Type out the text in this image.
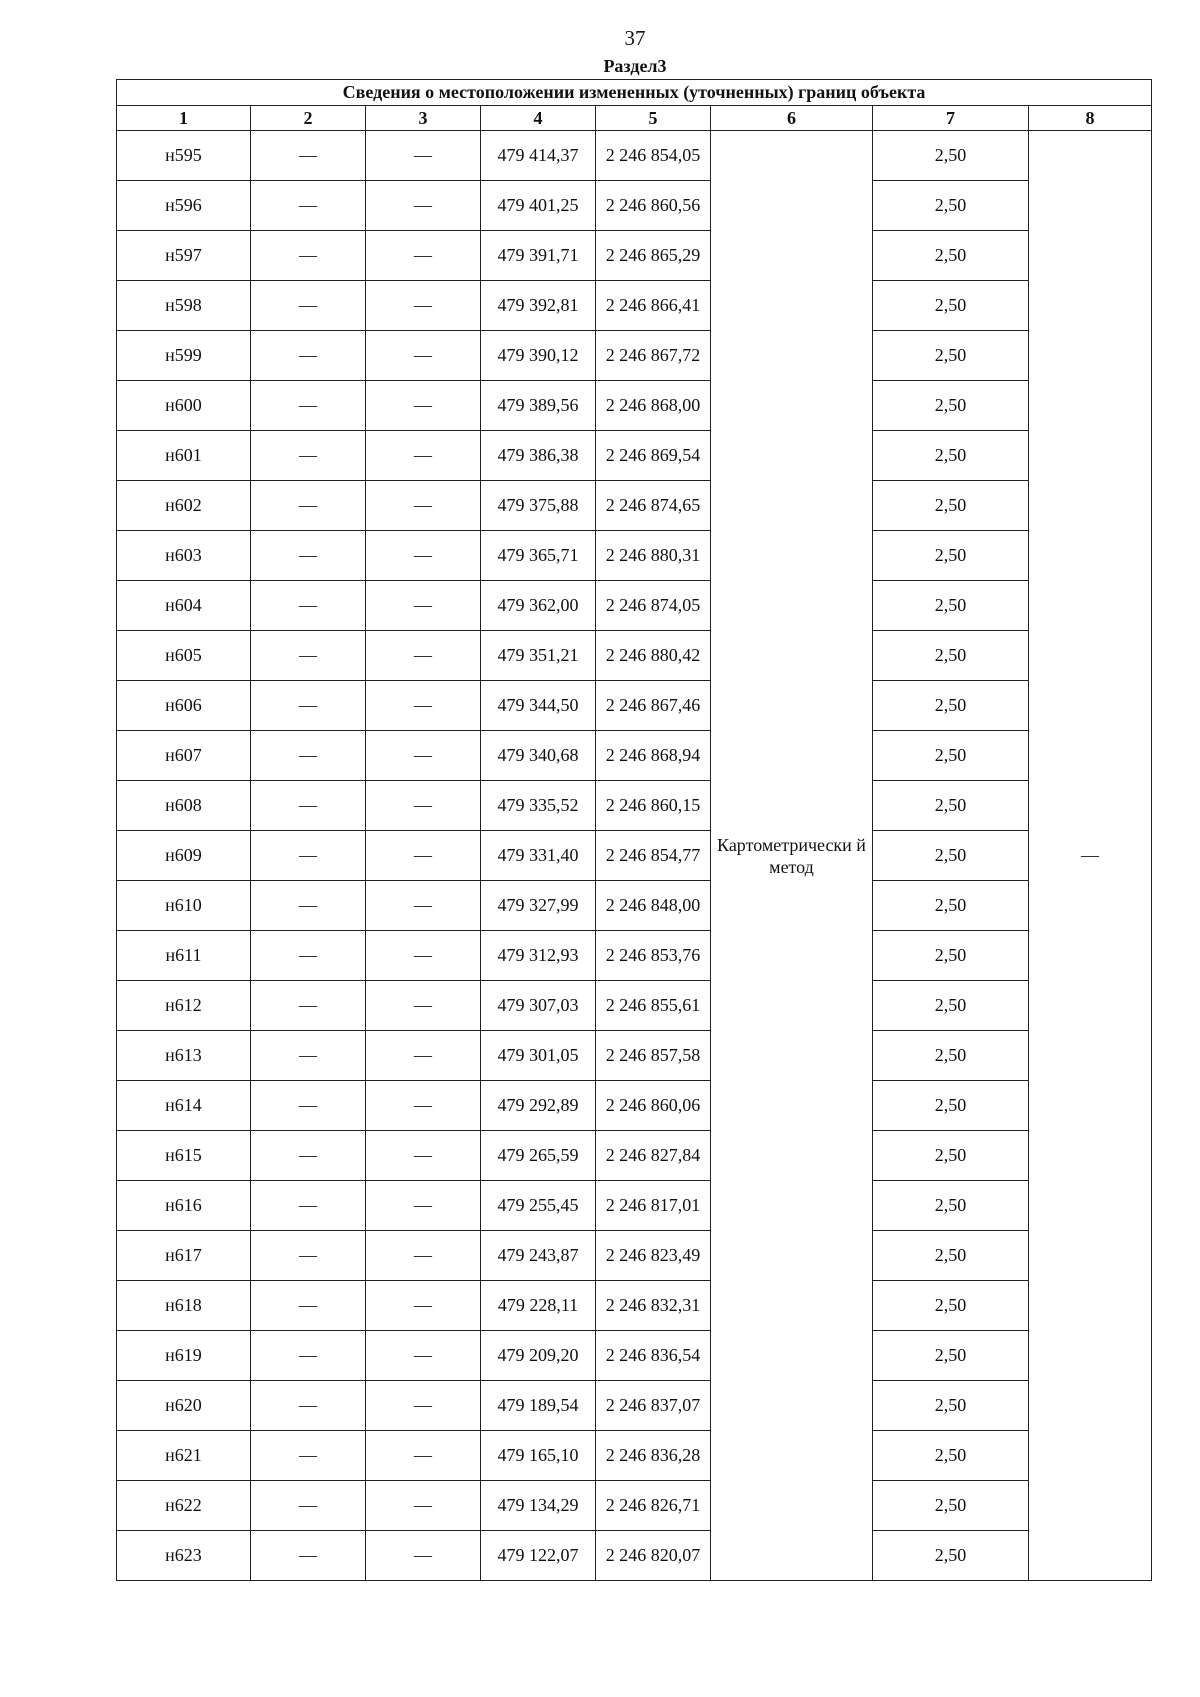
37
Раздел3
Сведения о местоположении измененных (уточненных) границ объекта							
1	2	3	4	5	6	7	8
н595	—	—	479 414,37	2 246 854,05	Картометрически й метод	2,50	—
н596	—	—	479 401,25	2 246 860,56		2,50	
н597	—	—	479 391,71	2 246 865,29		2,50	
н598	—	—	479 392,81	2 246 866,41		2,50	
н599	—	—	479 390,12	2 246 867,72		2,50	
н600	—	—	479 389,56	2 246 868,00		2,50	
н601	—	—	479 386,38	2 246 869,54		2,50	
н602	—	—	479 375,88	2 246 874,65		2,50	
н603	—	—	479 365,71	2 246 880,31		2,50	
н604	—	—	479 362,00	2 246 874,05		2,50	
н605	—	—	479 351,21	2 246 880,42		2,50	
н606	—	—	479 344,50	2 246 867,46		2,50	
н607	—	—	479 340,68	2 246 868,94		2,50	
н608	—	—	479 335,52	2 246 860,15		2,50	
н609	—	—	479 331,40	2 246 854,77		2,50	
н610	—	—	479 327,99	2 246 848,00		2,50	
н611	—	—	479 312,93	2 246 853,76		2,50	
н612	—	—	479 307,03	2 246 855,61		2,50	
н613	—	—	479 301,05	2 246 857,58		2,50	
н614	—	—	479 292,89	2 246 860,06		2,50	
н615	—	—	479 265,59	2 246 827,84		2,50	
н616	—	—	479 255,45	2 246 817,01		2,50	
н617	—	—	479 243,87	2 246 823,49		2,50	
н618	—	—	479 228,11	2 246 832,31		2,50	
н619	—	—	479 209,20	2 246 836,54		2,50	
н620	—	—	479 189,54	2 246 837,07		2,50	
н621	—	—	479 165,10	2 246 836,28		2,50	
н622	—	—	479 134,29	2 246 826,71		2,50	
н623	—	—	479 122,07	2 246 820,07		2,50	
